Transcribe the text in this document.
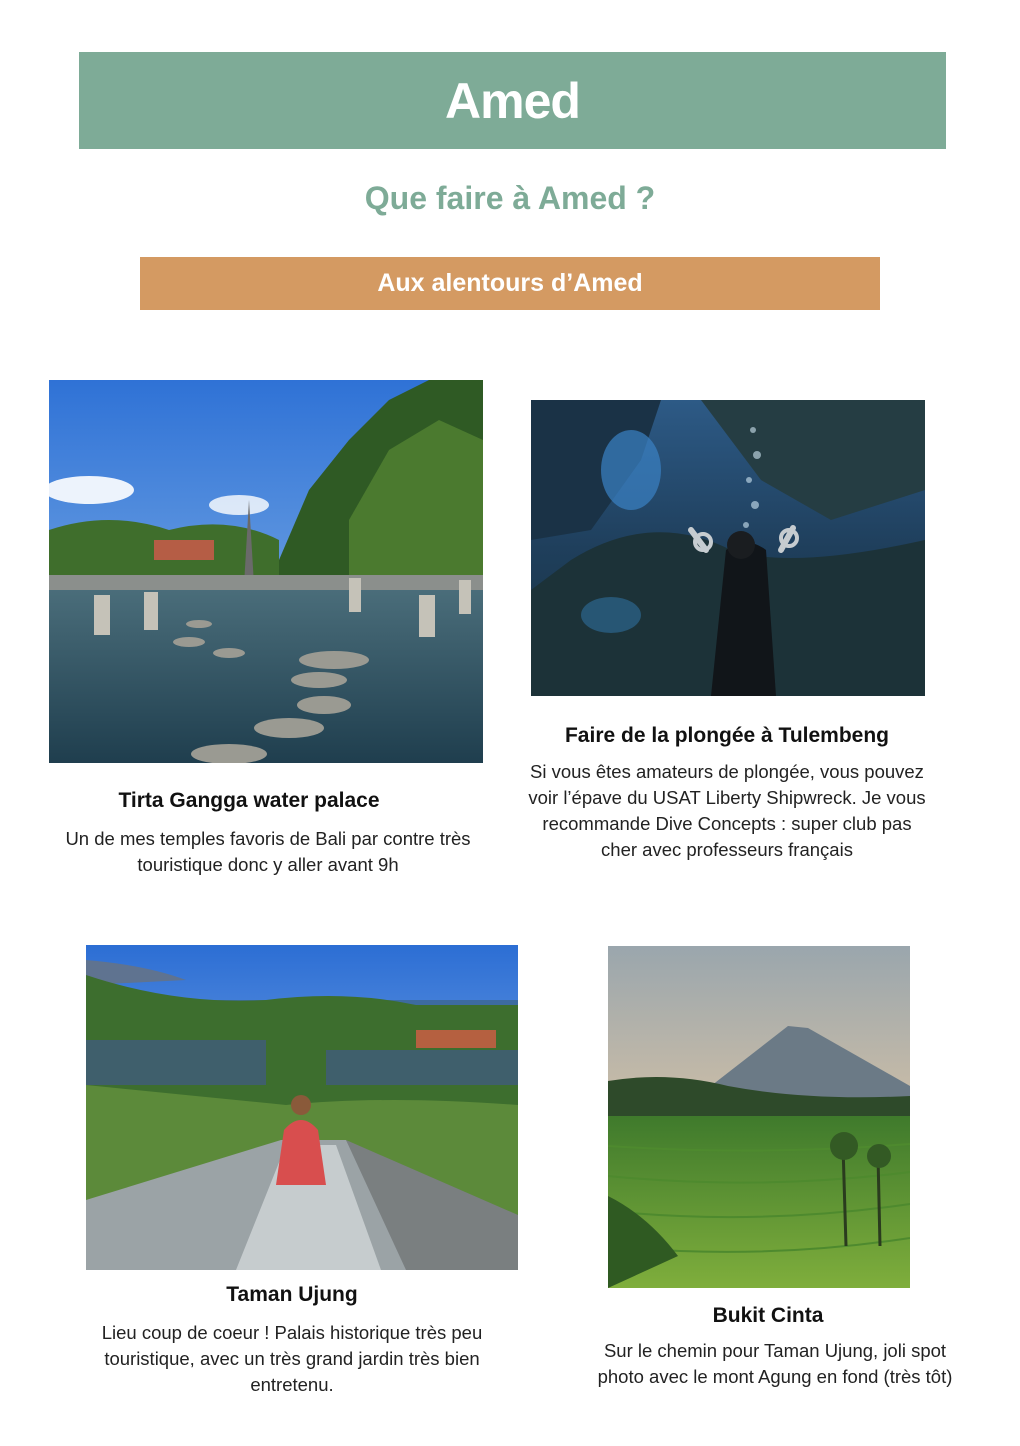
Amed
Que faire à Amed ?
Aux alentours d’Amed
Tirta Gangga water palace
Un de mes temples favoris de Bali par contre très touristique donc y aller avant 9h
Faire de la plongée à Tulembeng
Si vous êtes amateurs de plongée, vous pouvez voir l’épave du USAT Liberty Shipwreck. Je vous recommande Dive Concepts : super club pas cher avec professeurs français
Taman Ujung
Lieu coup de coeur ! Palais historique très peu touristique, avec un très grand jardin très bien entretenu.
Bukit Cinta
Sur le chemin pour Taman Ujung, joli spot photo avec le mont Agung en fond (très tôt)
